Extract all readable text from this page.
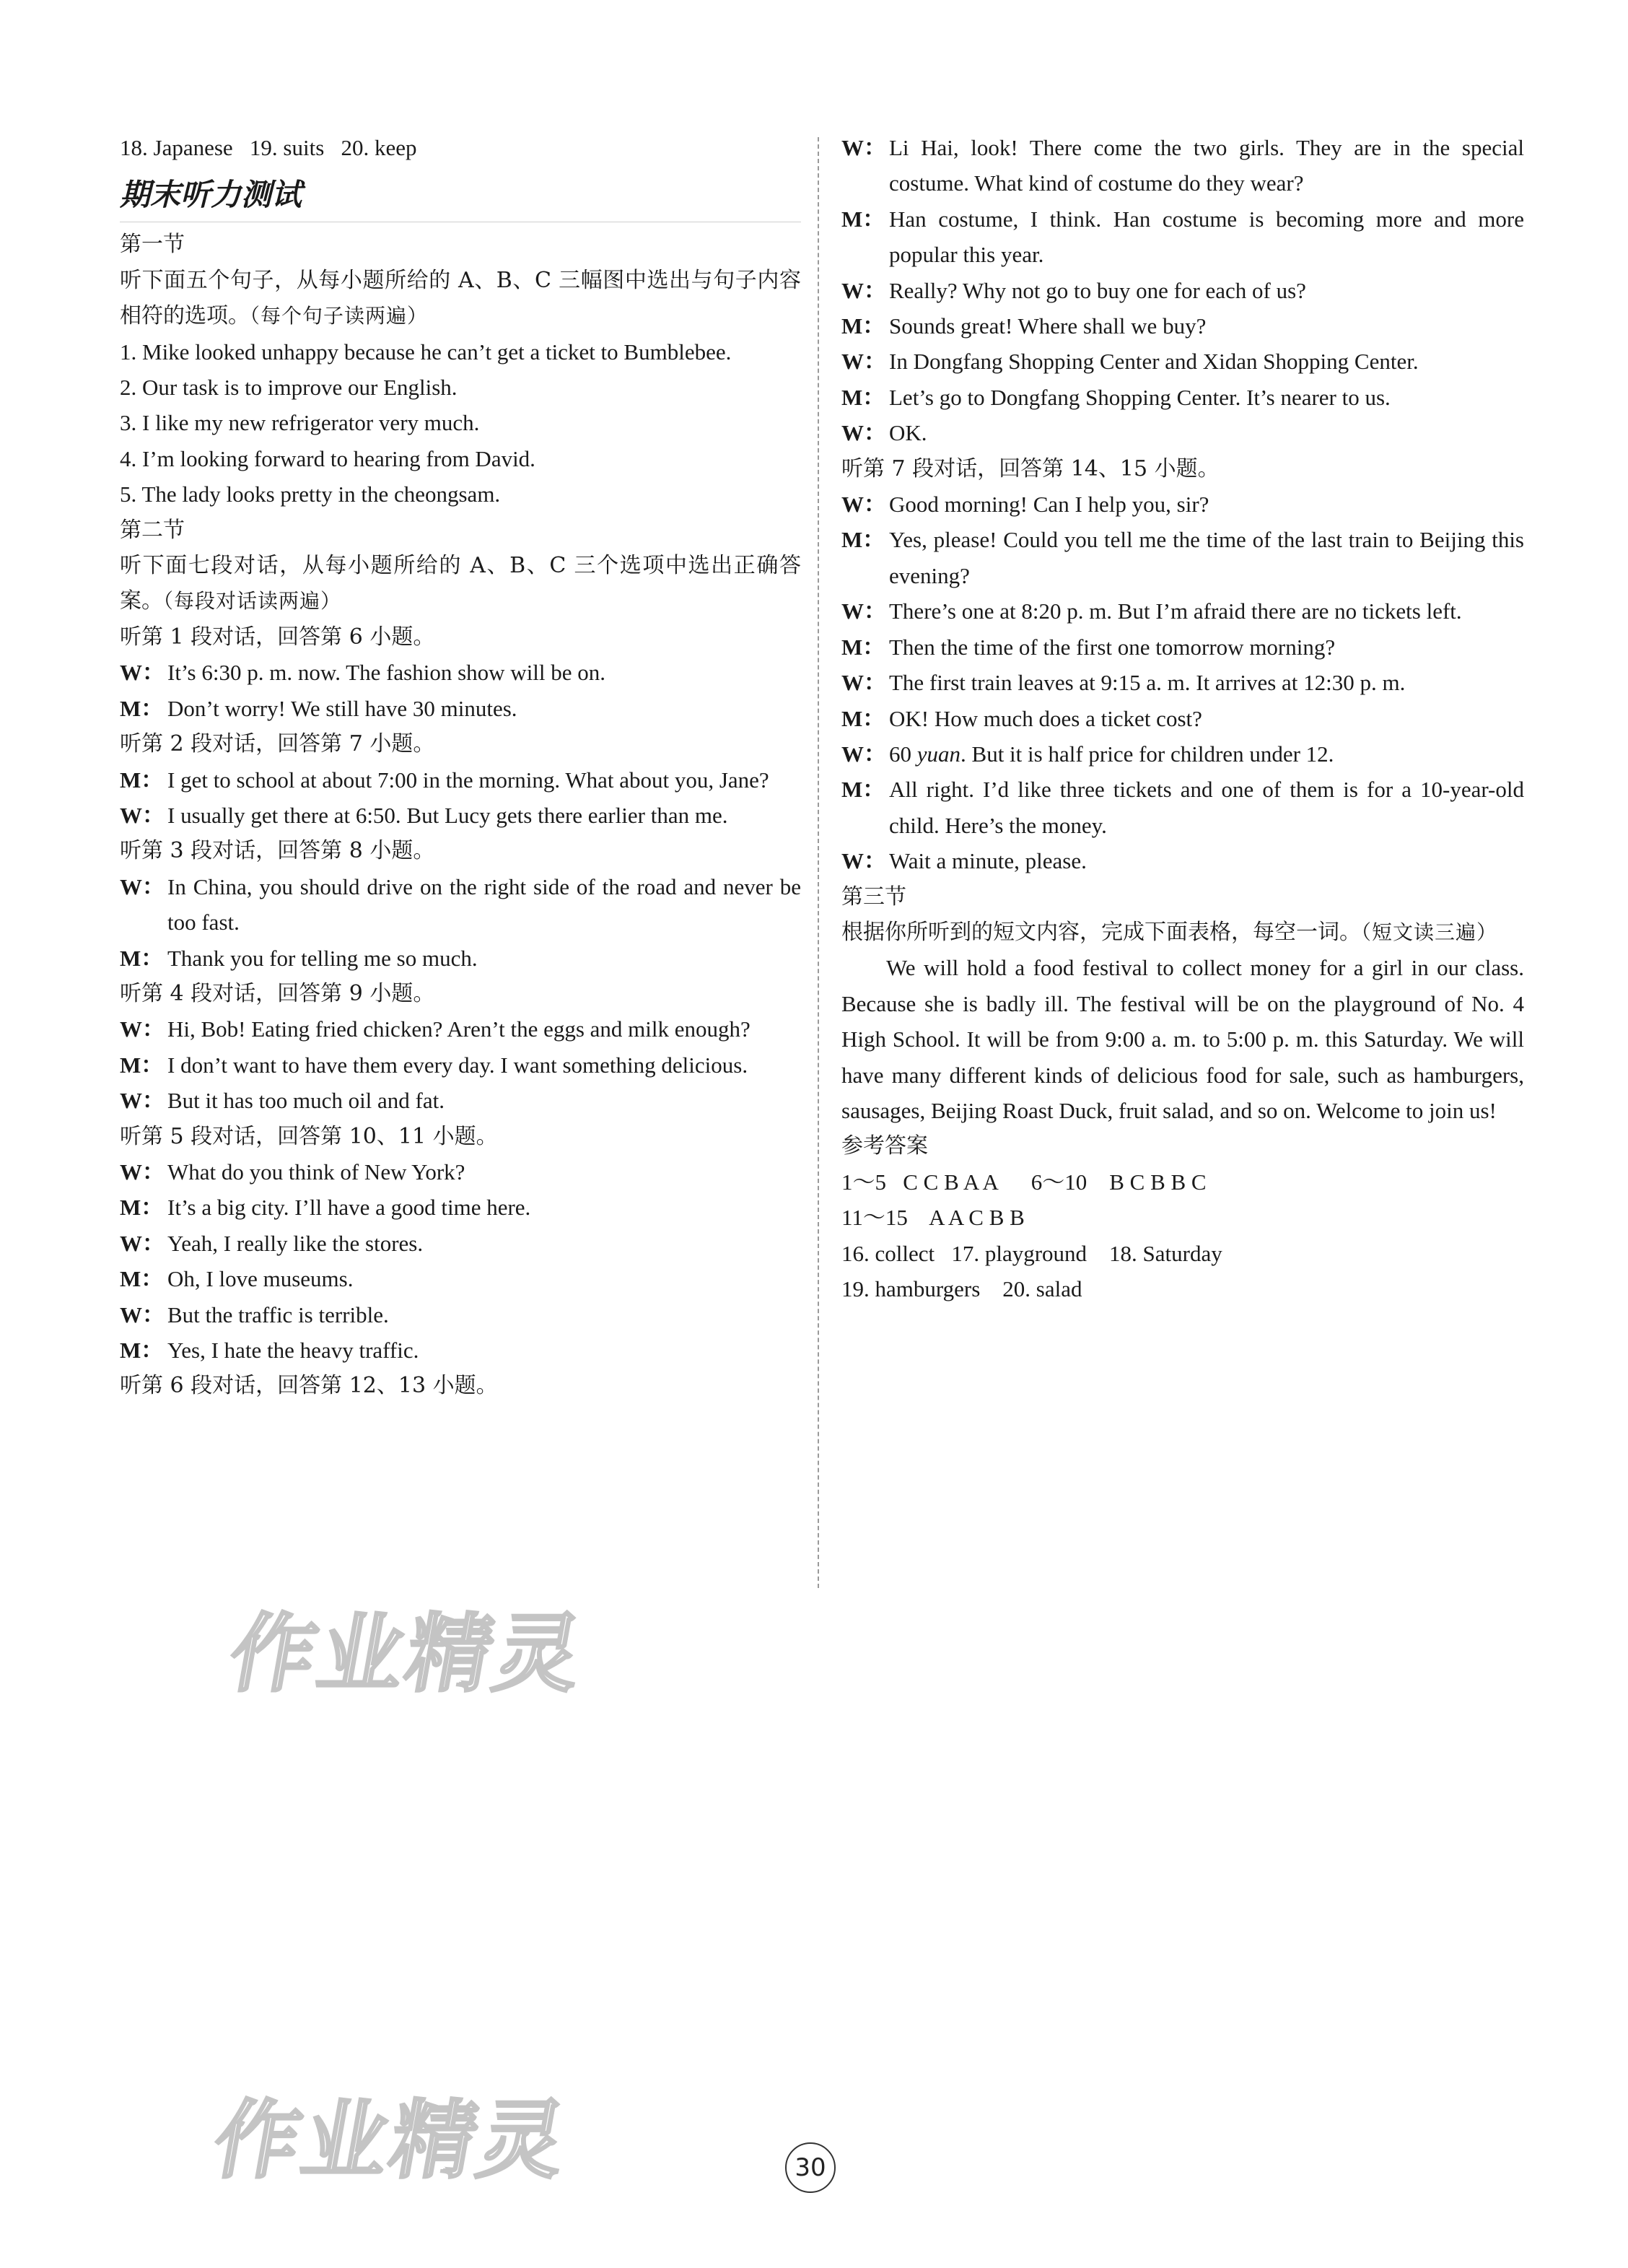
18. Japanese   19. suits   20. keep

期末听力测试

第一节

听下面五个句子，从每小题所给的 A、B、C 三幅图中选出与句子内容相符的选项。（每个句子读两遍）

1. Mike looked unhappy because he can’t get a ticket to Bumblebee.

2. Our task is to improve our English.

3. I like my new refrigerator very much.

4. I’m looking forward to hearing from David.

5. The lady looks pretty in the cheongsam.

第二节

听下面七段对话，从每小题所给的 A、B、C 三个选项中选出正确答案。（每段对话读两遍）

听第 1 段对话，回答第 6 小题。

W： It’s 6:30 p. m. now. The fashion show will be on.
M： Don’t worry! We still have 30 minutes.

听第 2 段对话，回答第 7 小题。

M： I get to school at about 7:00 in the morning. What about you, Jane?
W： I usually get there at 6:50. But Lucy gets there earlier than me.

听第 3 段对话，回答第 8 小题。

W： In China, you should drive on the right side of the road and never be too fast.
M： Thank you for telling me so much.

听第 4 段对话，回答第 9 小题。

W： Hi, Bob! Eating fried chicken? Aren’t the eggs and milk enough?
M： I don’t want to have them every day. I want something delicious.
W： But it has too much oil and fat.

听第 5 段对话，回答第 10、11 小题。

W： What do you think of New York?
M： It’s a big city. I’ll have a good time here.
W： Yeah, I really like the stores.
M： Oh, I love museums.
W： But the traffic is terrible.
M： Yes, I hate the heavy traffic.

听第 6 段对话，回答第 12、13 小题。

W： Li Hai, look! There come the two girls. They are in the special costume. What kind of costume do they wear?
M： Han costume, I think. Han costume is becoming more and more popular this year.
W： Really? Why not go to buy one for each of us?
M： Sounds great! Where shall we buy?
W： In Dongfang Shopping Center and Xidan Shopping Center.
M： Let’s go to Dongfang Shopping Center. It’s nearer to us.
W： OK.

听第 7 段对话，回答第 14、15 小题。

W： Good morning! Can I help you, sir?
M： Yes, please! Could you tell me the time of the last train to Beijing this evening?
W： There’s one at 8:20 p. m. But I’m afraid there are no tickets left.
M： Then the time of the first one tomorrow morning?
W： The first train leaves at 9:15 a. m. It arrives at 12:30 p. m.
M： OK! How much does a ticket cost?
W： 60 yuan. But it is half price for children under 12.
M： All right. I’d like three tickets and one of them is for a 10-year-old child. Here’s the money.
W： Wait a minute, please.

第三节

根据你所听到的短文内容，完成下面表格，每空一词。（短文读三遍）

We will hold a food festival to collect money for a girl in our class. Because she is badly ill. The festival will be on the playground of No. 4 High School. It will be from 9:00 a. m. to 5:00 p. m. this Saturday. We will have many different kinds of delicious food for sale, such as hamburgers, sausages, Beijing Roast Duck, fruit salad, and so on. Welcome to join us!

参考答案

1～5   C C B A A      6～10    B C B B C

11～15    A A C B B

16. collect   17. playground    18. Saturday

19. hamburgers    20. salad

作业精灵
作业精灵	30
